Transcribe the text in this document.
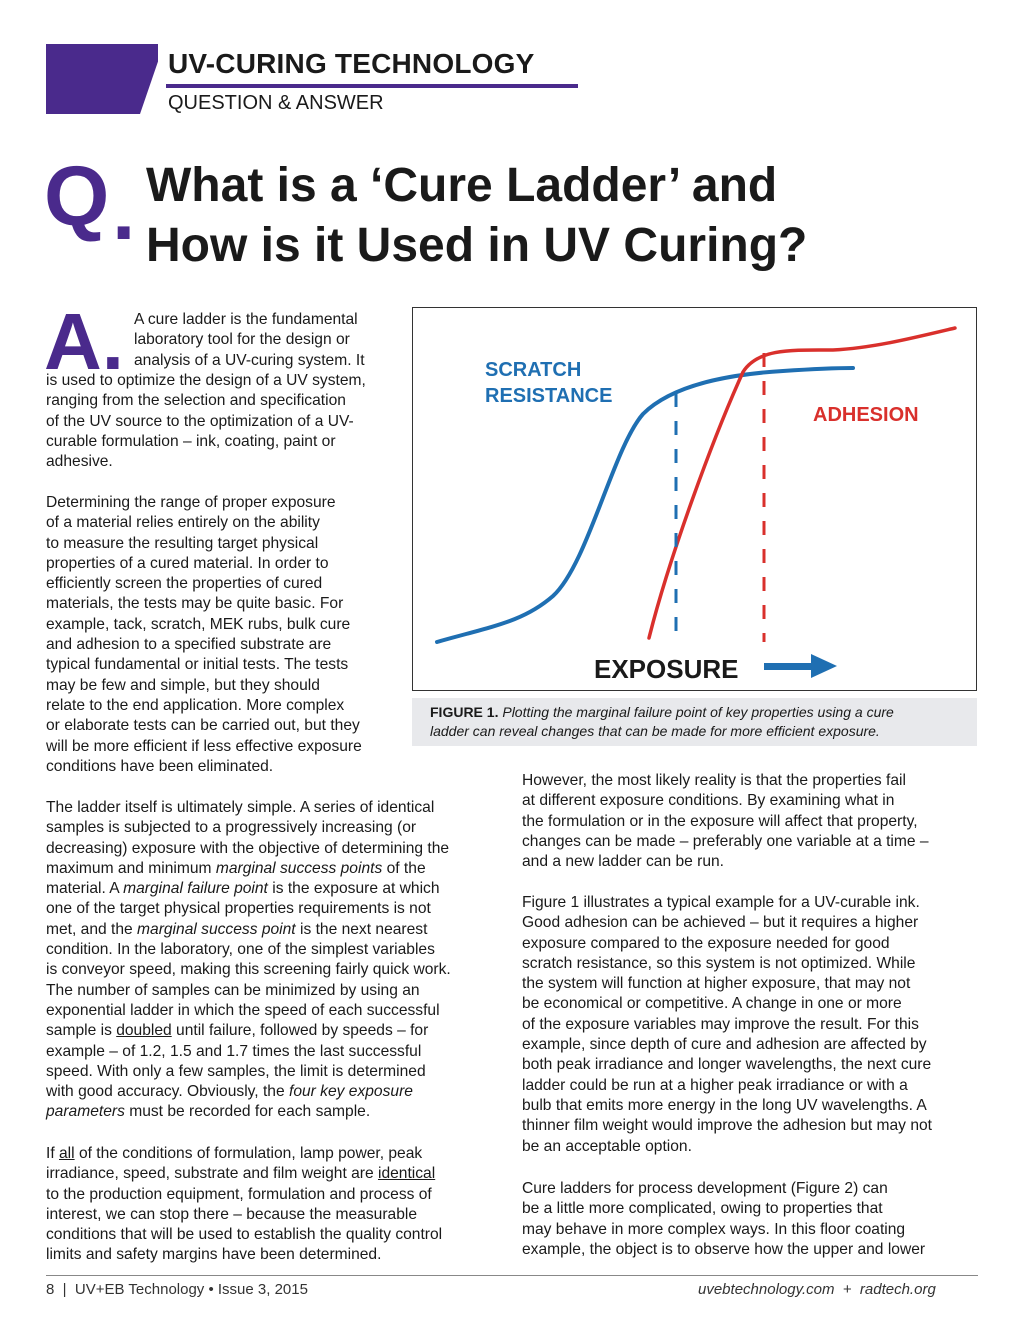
UV-CURING TECHNOLOGY

QUESTION & ANSWER

Q . What is a ‘Cure Ladder’ and
How is it Used in UV Curing?
A. A cure ladder is the fundamental
laboratory tool for the design or
analysis of a UV-curing system. It
is used to optimize the design of a UV system,
ranging from the selection and specification
of the UV source to the optimization of a UV-
curable formulation – ink, coating, paint or
adhesive.
Determining the range of proper exposure
of a material relies entirely on the ability
to measure the resulting target physical
properties of a cured material. In order to
efficiently screen the properties of cured
materials, the tests may be quite basic. For
example, tack, scratch, MEK rubs, bulk cure
and adhesion to a specified substrate are
typical fundamental or initial tests. The tests
may be few and simple, but they should
relate to the end application. More complex
or elaborate tests can be carried out, but they
will be more efficient if less effective exposure
conditions have been eliminated.
The ladder itself is ultimately simple. A series of identical
samples is subjected to a progressively increasing (or
decreasing) exposure with the objective of determining the
maximum and minimum marginal success points of the
material. A marginal failure point is the exposure at which
one of the target physical properties requirements is not
met, and the marginal success point is the next nearest
condition. In the laboratory, one of the simplest variables
is conveyor speed, making this screening fairly quick work.
The number of samples can be minimized by using an
exponential ladder in which the speed of each successful
sample is doubled until failure, followed by speeds – for
example – of 1.2, 1.5 and 1.7 times the last successful
speed. With only a few samples, the limit is determined
with good accuracy. Obviously, the four key exposure
parameters must be recorded for each sample.
If all of the conditions of formulation, lamp power, peak
irradiance, speed, substrate and film weight are identical
to the production equipment, formulation and process of
interest, we can stop there – because the measurable
conditions that will be used to establish the quality control
limits and safety margins have been determined.
SCRATCH
RESISTANCE
ADHESION
EXPOSURE
FIGURE 1. Plotting the marginal failure point of key properties using a cure
ladder can reveal changes that can be made for more efficient exposure.
However, the most likely reality is that the properties fail
at different exposure conditions. By examining what in
the formulation or in the exposure will affect that property,
changes can be made – preferably one variable at a time –
and a new ladder can be run.
Figure 1 illustrates a typical example for a UV-curable ink.
Good adhesion can be achieved – but it requires a higher
exposure compared to the exposure needed for good
scratch resistance, so this system is not optimized. While
the system will function at higher exposure, that may not
be economical or competitive. A change in one or more
of the exposure variables may improve the result. For this
example, since depth of cure and adhesion are affected by
both peak irradiance and longer wavelengths, the next cure
ladder could be run at a higher peak irradiance or with a
bulb that emits more energy in the long UV wavelengths. A
thinner film weight would improve the adhesion but may not
be an acceptable option.
Cure ladders for process development (Figure 2) can
be a little more complicated, owing to properties that
may behave in more complex ways. In this floor coating
example, the object is to observe how the upper and lower

8  |  UV+EB Technology • Issue 3, 2015	uvebtechnology.com  +  radtech.org
